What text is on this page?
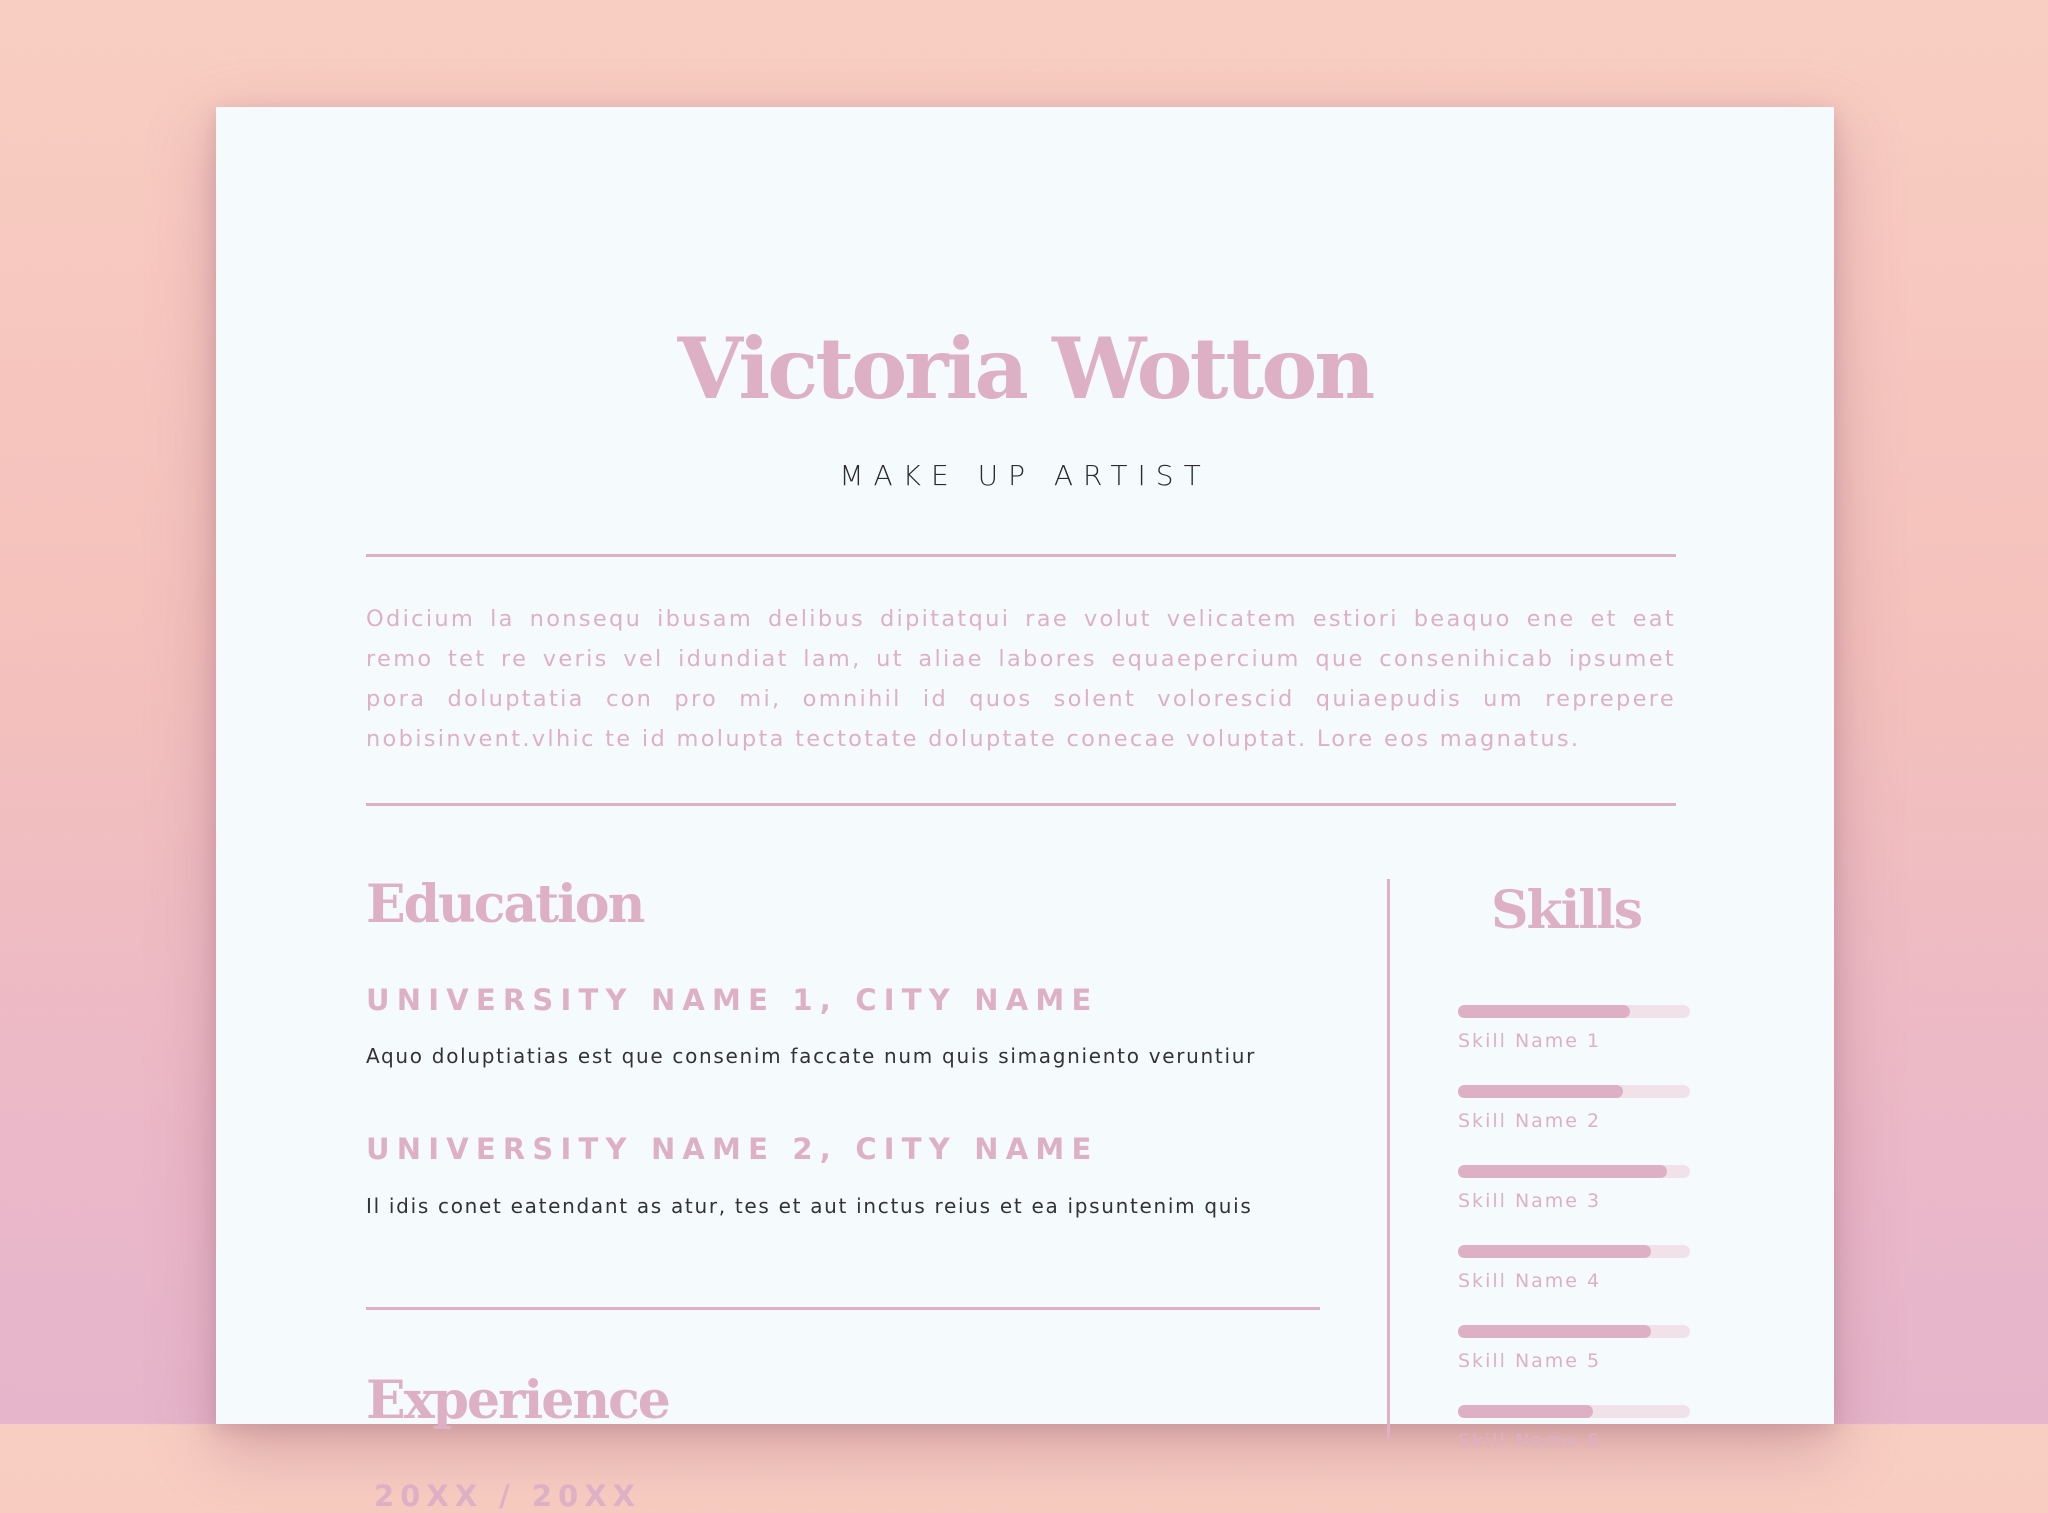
Victoria Wotton
MAKE UP ARTIST

Odicium la nonsequ ibusam delibus dipitatqui rae volut velicatem estiori beaquo ene et eat remo tet re veris vel idundiat lam, ut aliae labores equaepercium que consenihicab ipsumet pora doluptatia con pro mi, omnihil id quos solent volorescid quiaepudis um reprepere nobisinvent.vlhic te id molupta tectotate doluptate conecae voluptat. Lore eos magnatus.

Education
UNIVERSITY NAME 1, CITY NAME
Aquo doluptiatias est que consenim faccate num quis simagniento veruntiur
UNIVERSITY NAME 2, CITY NAME
Il idis conet eatendant as atur, tes et aut inctus reius et ea ipsuntenim quis
Experience
20XX / 20XX
Skills
Skill Name 1
Skill Name 2
Skill Name 3
Skill Name 4
Skill Name 5
Skill Name 6
